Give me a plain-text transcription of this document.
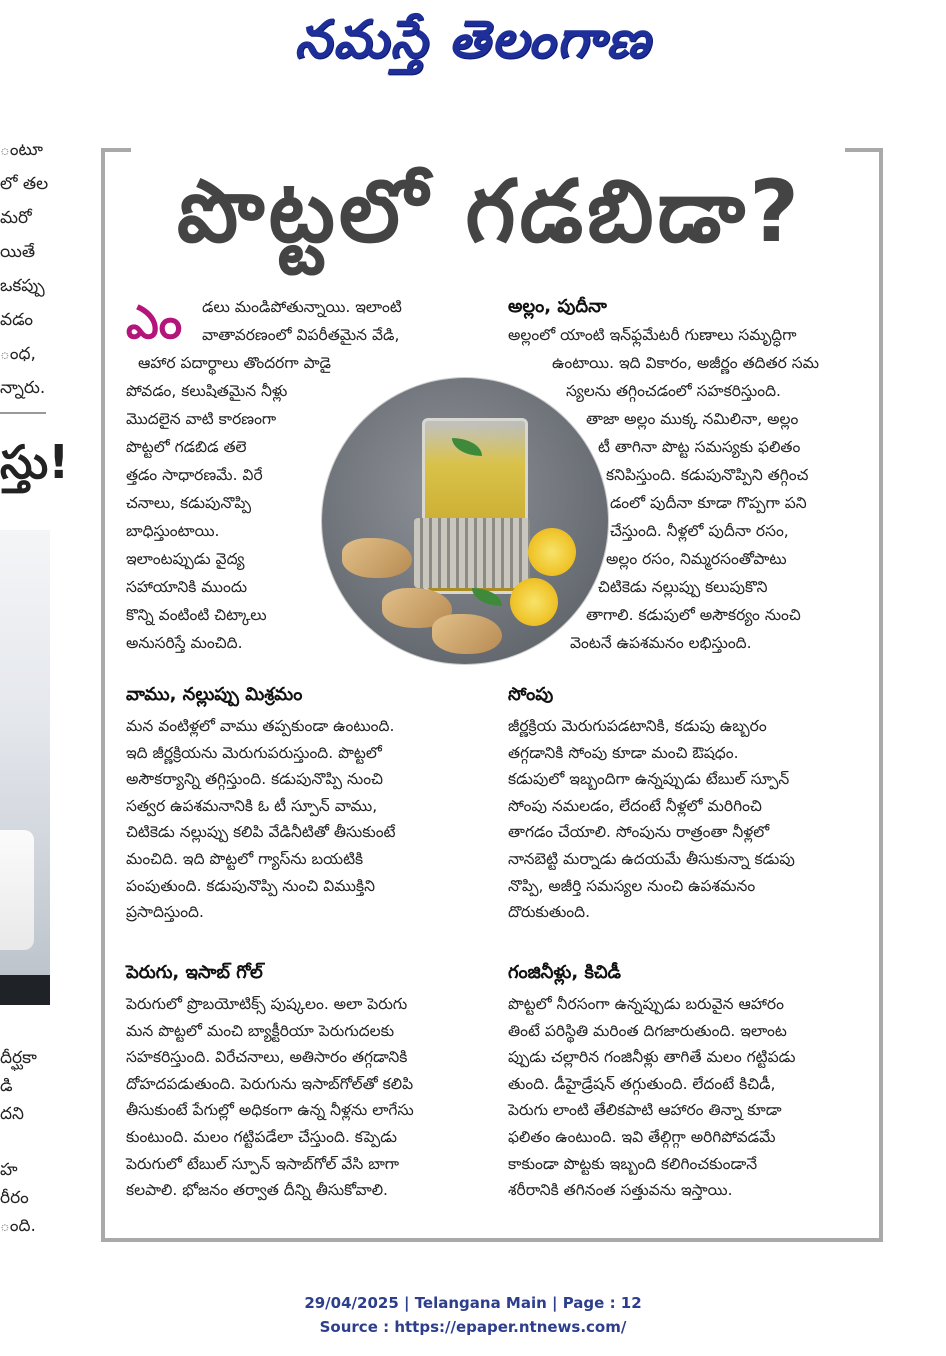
నమస్తే తెలంగాణ
ంటూ
లో తల
మరో
యితే
ఒకప్పు
వడం
ంధ,
న్నారు.
స్తు!
దీర్ఘకా
డి
దని
హ
రీరం
ంది.
పొట్టలో గడబిడా?
ఎం డలు మండిపోతున్నాయి. ఇలాంటి
వాతావరణంలో విపరీతమైన వేడి,
ఆహార పదార్థాలు తొందరగా పాడై
పోవడం, కలుషితమైన నీళ్లు
మొదలైన వాటి కారణంగా
పొట్టలో గడబిడ తలె
త్తడం సాధారణమే. విరే
చనాలు, కడుపునొప్పి
బాధిస్తుంటాయి.
ఇలాంటప్పుడు వైద్య
సహాయానికి ముందు
కొన్ని వంటింటి చిట్కాలు
అనుసరిస్తే మంచిది.
అల్లం, పుదీనా
అల్లంలో యాంటి ఇన్‌ఫ్లమేటరీ గుణాలు సమృద్ధిగా
ఉంటాయి. ఇది వికారం, అజీర్ణం తదితర సమ
స్యలను తగ్గించడంలో సహకరిస్తుంది.
తాజా అల్లం ముక్క నమిలినా, అల్లం
టీ తాగినా పొట్ట సమస్యకు ఫలితం
కనిపిస్తుంది. కడుపునొప్పిని తగ్గించ
డంలో పుదీనా కూడా గొప్పగా పని
చేస్తుంది. నీళ్లలో పుదీనా రసం,
అల్లం రసం, నిమ్మరసంతోపాటు
చిటికెడు నల్లుప్పు కలుపుకొని
తాగాలి. కడుపులో అసౌకర్యం నుంచి
వెంటనే ఉపశమనం లభిస్తుంది.
వాము, నల్లుప్పు మిశ్రమం

మన వంటిళ్లలో వాము తప్పకుండా ఉంటుంది.

ఇది జీర్ణక్రియను మెరుగుపరుస్తుంది. పొట్టలో

అసౌకర్యాన్ని తగ్గిస్తుంది. కడుపునొప్పి నుంచి

సత్వర ఉపశమనానికి ఓ టీ స్పూన్ వాము,

చిటికెడు నల్లుప్పు కలిపి వేడినీటితో తీసుకుంటే

మంచిది. ఇది పొట్టలో గ్యాస్‌ను బయటికి

పంపుతుంది. కడుపునొప్పి నుంచి విముక్తిని

ప్రసాదిస్తుంది.

సోంపు

జీర్ణక్రియ మెరుగుపడటానికి, కడుపు ఉబ్బరం

తగ్గడానికి సోంపు కూడా మంచి ఔషధం.

కడుపులో ఇబ్బందిగా ఉన్నప్పుడు టేబుల్ స్పూన్

సోంపు నమలడం, లేదంటే నీళ్లలో మరిగించి

తాగడం చేయాలి. సోంపును రాత్రంతా నీళ్లలో

నానబెట్టి మర్నాడు ఉదయమే తీసుకున్నా కడుపు

నొప్పి, అజీర్తి సమస్యల నుంచి ఉపశమనం

దొరుకుతుంది.

పెరుగు, ఇసాబ్ గోల్

పెరుగులో ప్రొబయోటిక్స్ పుష్కలం. అలా పెరుగు

మన పొట్టలో మంచి బ్యాక్టీరియా పెరుగుదలకు

సహకరిస్తుంది. విరేచనాలు, అతిసారం తగ్గడానికి

దోహదపడుతుంది. పెరుగును ఇసాబ్‌గోల్‌తో కలిపి

తీసుకుంటే పేగుల్లో అధికంగా ఉన్న నీళ్లను లాగేసు

కుంటుంది. మలం గట్టిపడేలా చేస్తుంది. కప్పెడు

పెరుగులో టేబుల్ స్పూన్ ఇసాబ్‌గోల్ వేసి బాగా

కలపాలి. భోజనం తర్వాత దీన్ని తీసుకోవాలి.

గంజినీళ్లు, కిచిడీ

పొట్టలో నీరసంగా ఉన్నప్పుడు బరువైన ఆహారం

తింటే పరిస్థితి మరింత దిగజారుతుంది. ఇలాంట

ప్పుడు చల్లారిన గంజినీళ్లు తాగితే మలం గట్టిపడు

తుంది. డీహైడ్రేషన్ తగ్గుతుంది. లేదంటే కిచిడీ,

పెరుగు లాంటి తేలికపాటి ఆహారం తిన్నా కూడా

ఫలితం ఉంటుంది. ఇవి తేల్గిగ్గా అరిగిపోవడమే

కాకుండా పొట్టకు ఇబ్బంది కలిగించకుండానే

శరీరానికి తగినంత సత్తువను ఇస్తాయి.

29/04/2025 | Telangana Main | Page : 12
Source : https://epaper.ntnews.com/
